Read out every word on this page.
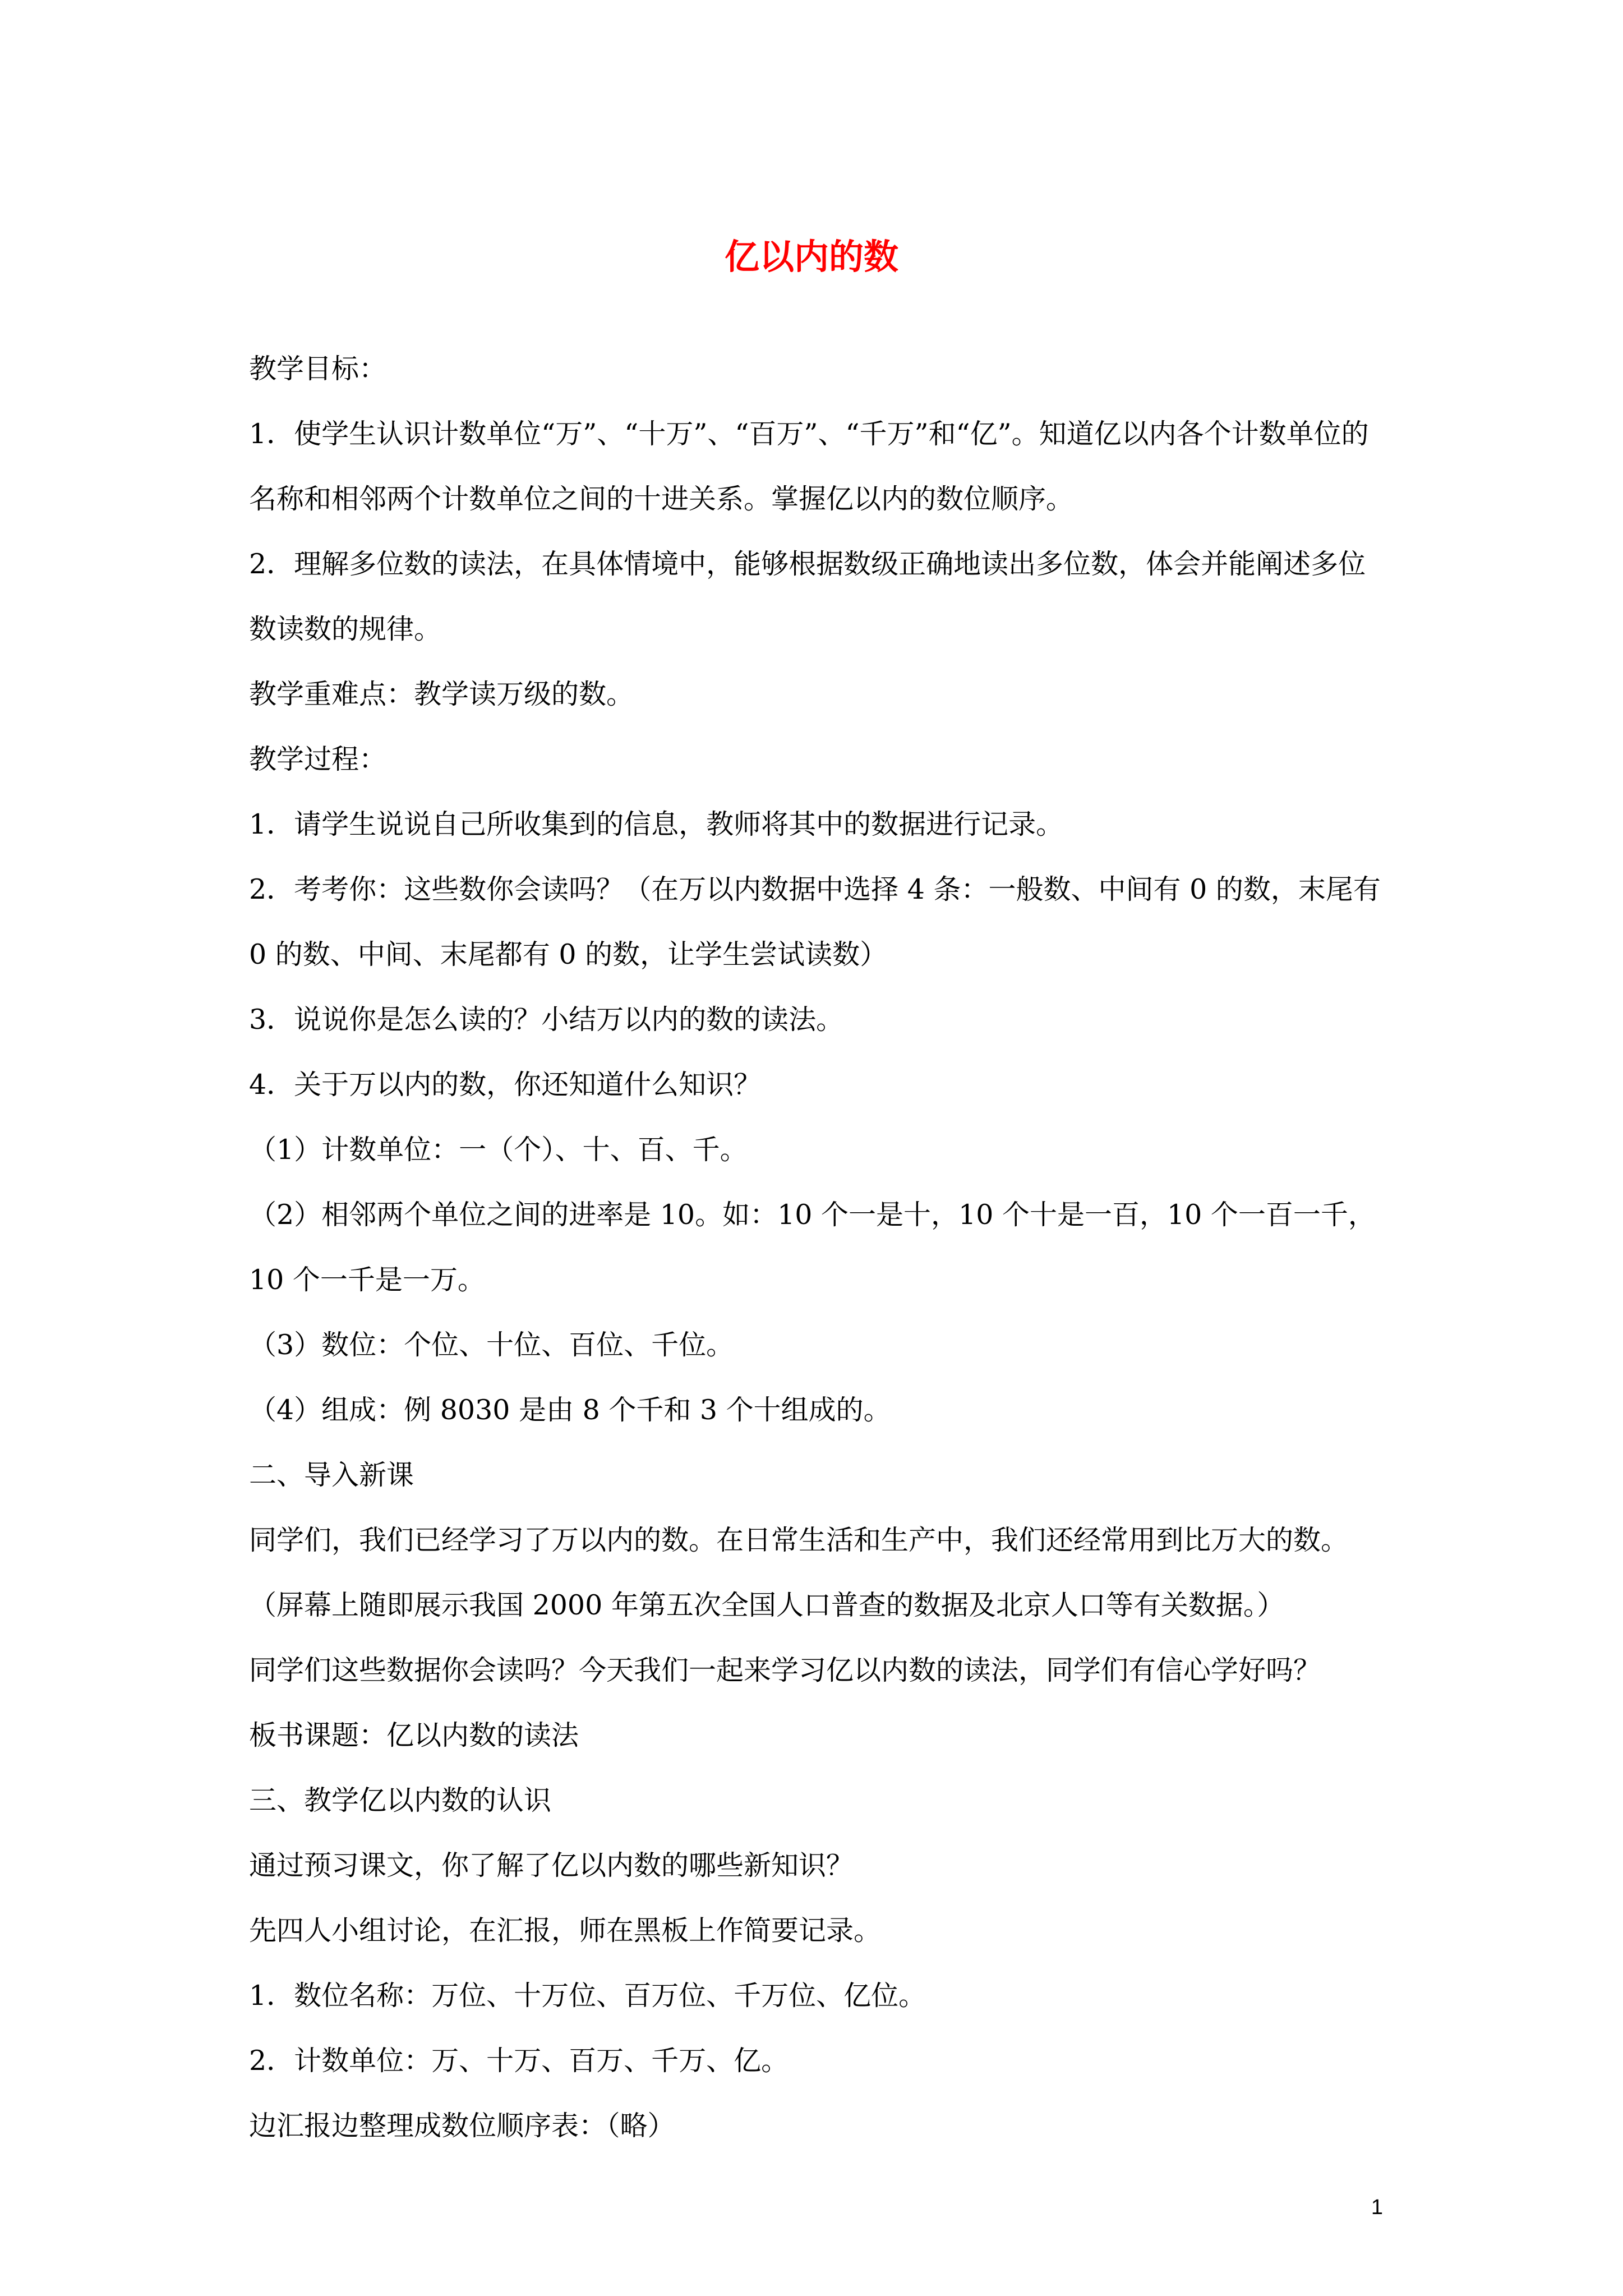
亿以内的数

教学目标：

1．使学生认识计数单位“万”、“十万”、“百万”、“千万”和“亿”。知道亿以内各个计数单位的名称和相邻两个计数单位之间的十进关系。掌握亿以内的数位顺序。

2．理解多位数的读法，在具体情境中，能够根据数级正确地读出多位数，体会并能阐述多位数读数的规律。

教学重难点：教学读万级的数。

教学过程：

1．请学生说说自己所收集到的信息，教师将其中的数据进行记录。

2．考考你：这些数你会读吗？（在万以内数据中选择 4 条：一般数、中间有 0 的数，末尾有 0 的数、中间、末尾都有 0 的数，让学生尝试读数）

3．说说你是怎么读的？小结万以内的数的读法。

4．关于万以内的数，你还知道什么知识？

（1）计数单位：一（个）、十、百、千。

（2）相邻两个单位之间的进率是 10。如：10 个一是十，10 个十是一百，10 个一百一千，10 个一千是一万。

（3）数位：个位、十位、百位、千位。

（4）组成：例 8030 是由 8 个千和 3 个十组成的。

二、导入新课

同学们，我们已经学习了万以内的数。在日常生活和生产中，我们还经常用到比万大的数。（屏幕上随即展示我国 2000 年第五次全国人口普查的数据及北京人口等有关数据。）

同学们这些数据你会读吗？今天我们一起来学习亿以内数的读法，同学们有信心学好吗？

板书课题：亿以内数的读法

三、教学亿以内数的认识

通过预习课文，你了解了亿以内数的哪些新知识？

先四人小组讨论，在汇报，师在黑板上作简要记录。

1．数位名称：万位、十万位、百万位、千万位、亿位。

2．计数单位：万、十万、百万、千万、亿。

边汇报边整理成数位顺序表：（略）

1
